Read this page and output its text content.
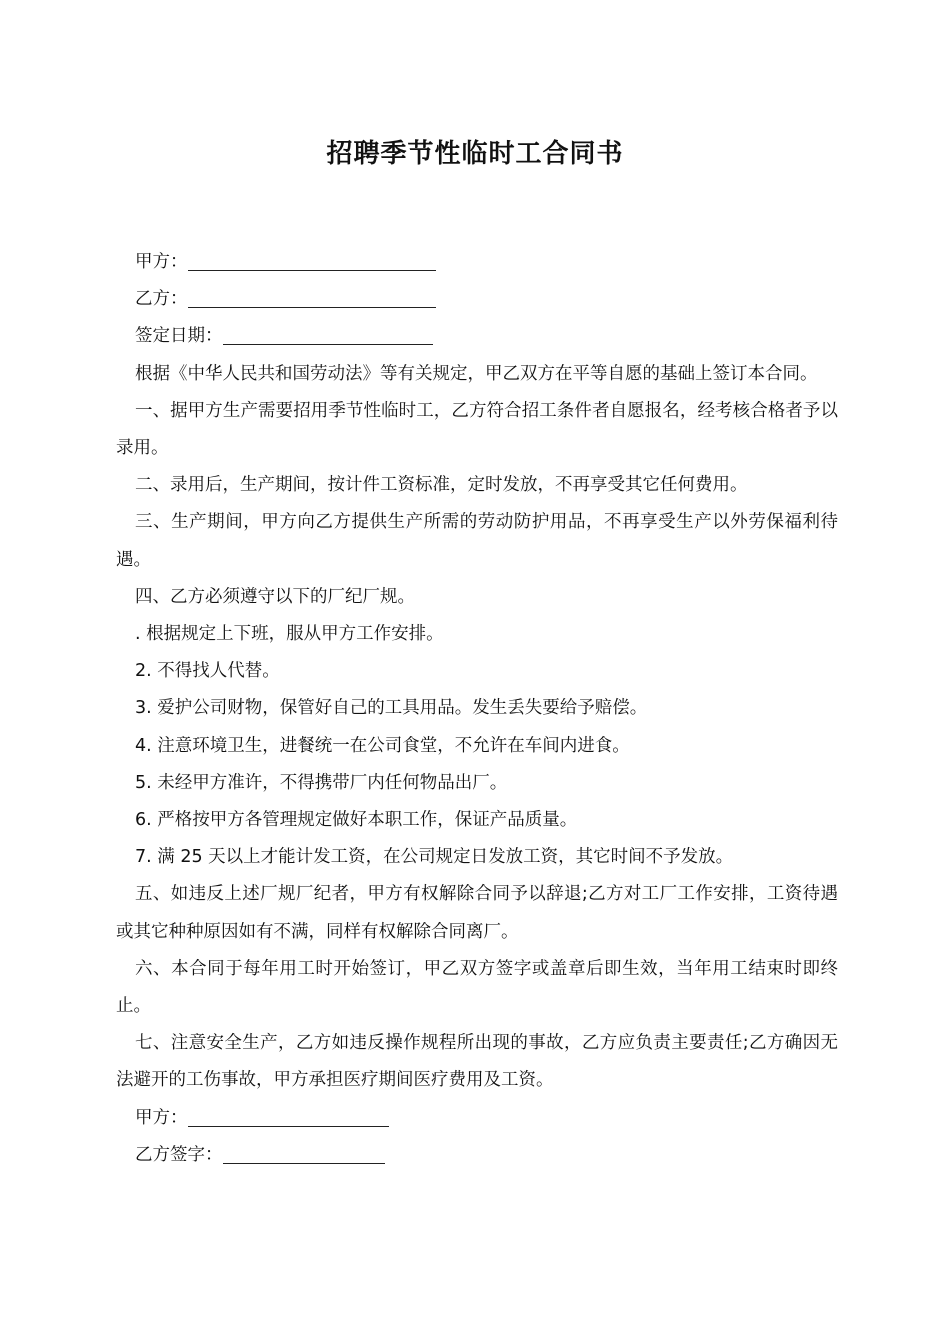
招聘季节性临时工合同书
甲方：
乙方：
签定日期：

根据《中华人民共和国劳动法》等有关规定，甲乙双方在平等自愿的基础上签订本合同。

一、据甲方生产需要招用季节性临时工，乙方符合招工条件者自愿报名，经考核合格者予以录用。

二、录用后，生产期间，按计件工资标准，定时发放，不再享受其它任何费用。

三、生产期间，甲方向乙方提供生产所需的劳动防护用品，不再享受生产以外劳保福利待遇。

四、乙方必须遵守以下的厂纪厂规。

. 根据规定上下班，服从甲方工作安排。

2. 不得找人代替。

3. 爱护公司财物，保管好自己的工具用品。发生丢失要给予赔偿。

4. 注意环境卫生，进餐统一在公司食堂，不允许在车间内进食。

5. 未经甲方准许，不得携带厂内任何物品出厂。

6. 严格按甲方各管理规定做好本职工作，保证产品质量。

7. 满 25 天以上才能计发工资，在公司规定日发放工资，其它时间不予发放。

五、如违反上述厂规厂纪者，甲方有权解除合同予以辞退;乙方对工厂工作安排，工资待遇或其它种种原因如有不满，同样有权解除合同离厂。

六、本合同于每年用工时开始签订，甲乙双方签字或盖章后即生效，当年用工结束时即终止。

七、注意安全生产，乙方如违反操作规程所出现的事故，乙方应负责主要责任;乙方确因无法避开的工伤事故，甲方承担医疗期间医疗费用及工资。

甲方：
乙方签字：
